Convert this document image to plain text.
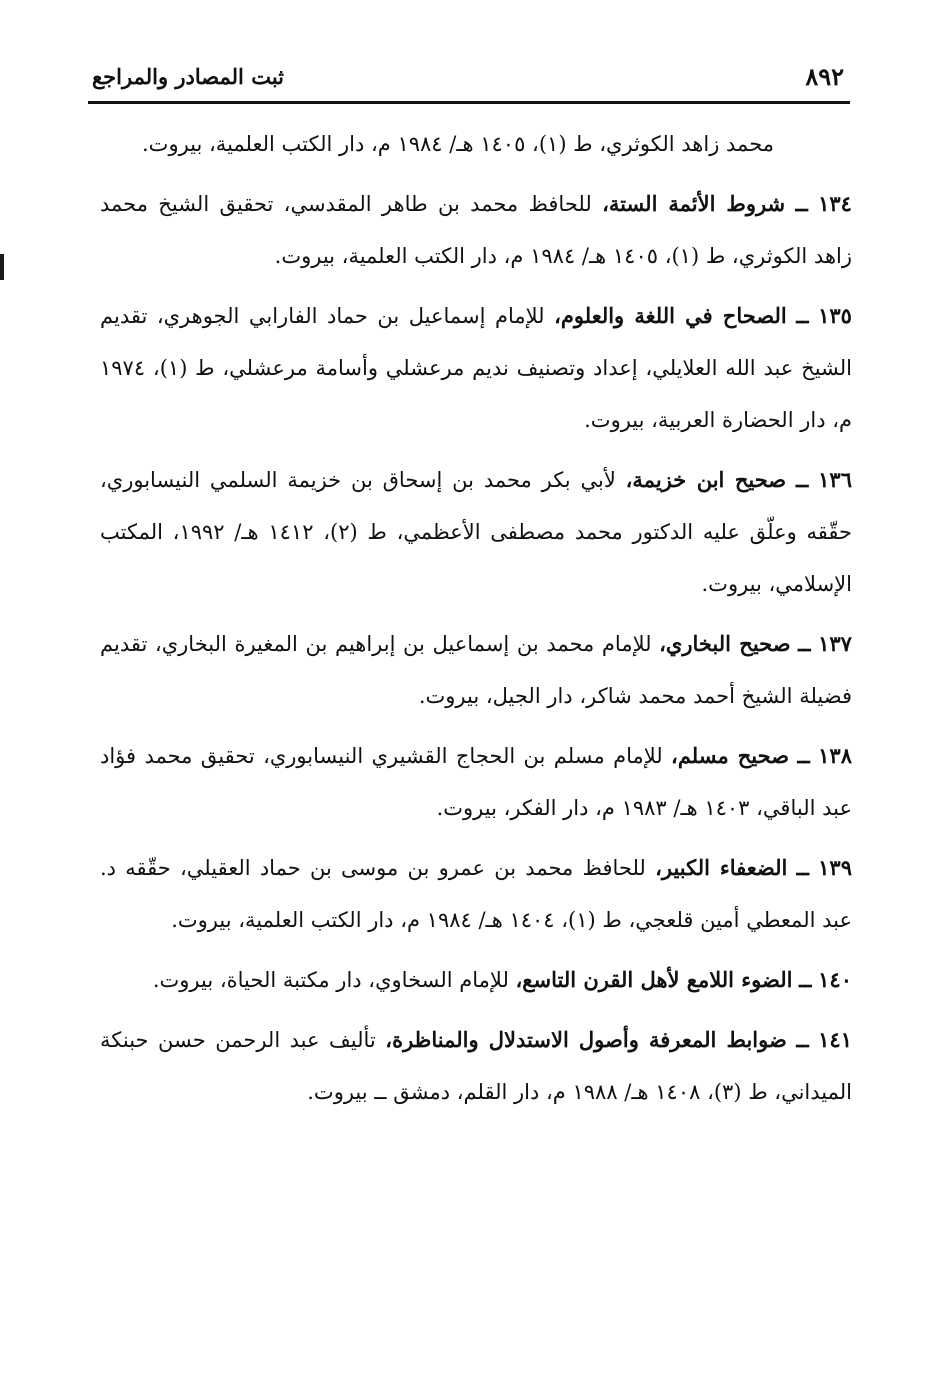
٨٩٢
ثبت المصادر والمراجع

محمد زاهد الكوثري، ط (١)، ١٤٠٥ هـ/ ١٩٨٤ م، دار الكتب العلمية، بيروت.

١٣٤ ــ شروط الأئمة الستة، للحافظ محمد بن طاهر المقدسي، تحقيق الشيخ محمد زاهد الكوثري، ط (١)، ١٤٠٥ هـ/ ١٩٨٤ م، دار الكتب العلمية، بيروت.

١٣٥ ــ الصحاح في اللغة والعلوم، للإمام إسماعيل بن حماد الفارابي الجوهري، تقديم الشيخ عبد الله العلايلي، إعداد وتصنيف نديم مرعشلي وأسامة مرعشلي، ط (١)، ١٩٧٤ م، دار الحضارة العربية، بيروت.

١٣٦ ــ صحيح ابن خزيمة، لأبي بكر محمد بن إسحاق بن خزيمة السلمي النيسابوري، حقّقه وعلّق عليه الدكتور محمد مصطفى الأعظمي، ط (٢)، ١٤١٢ هـ/ ١٩٩٢، المكتب الإسلامي، بيروت.

١٣٧ ــ صحيح البخاري، للإمام محمد بن إسماعيل بن إبراهيم بن المغيرة البخاري، تقديم فضيلة الشيخ أحمد محمد شاكر، دار الجيل، بيروت.

١٣٨ ــ صحيح مسلم، للإمام مسلم بن الحجاج القشيري النيسابوري، تحقيق محمد فؤاد عبد الباقي، ١٤٠٣ هـ/ ١٩٨٣ م، دار الفكر، بيروت.

١٣٩ ــ الضعفاء الكبير، للحافظ محمد بن عمرو بن موسى بن حماد العقيلي، حقّقه د. عبد المعطي أمين قلعجي، ط (١)، ١٤٠٤ هـ/ ١٩٨٤ م، دار الكتب العلمية، بيروت.

١٤٠ ــ الضوء اللامع لأهل القرن التاسع، للإمام السخاوي، دار مكتبة الحياة، بيروت.

١٤١ ــ ضوابط المعرفة وأصول الاستدلال والمناظرة، تأليف عبد الرحمن حسن حبنكة الميداني، ط (٣)، ١٤٠٨ هـ/ ١٩٨٨ م، دار القلم، دمشق ــ بيروت.
